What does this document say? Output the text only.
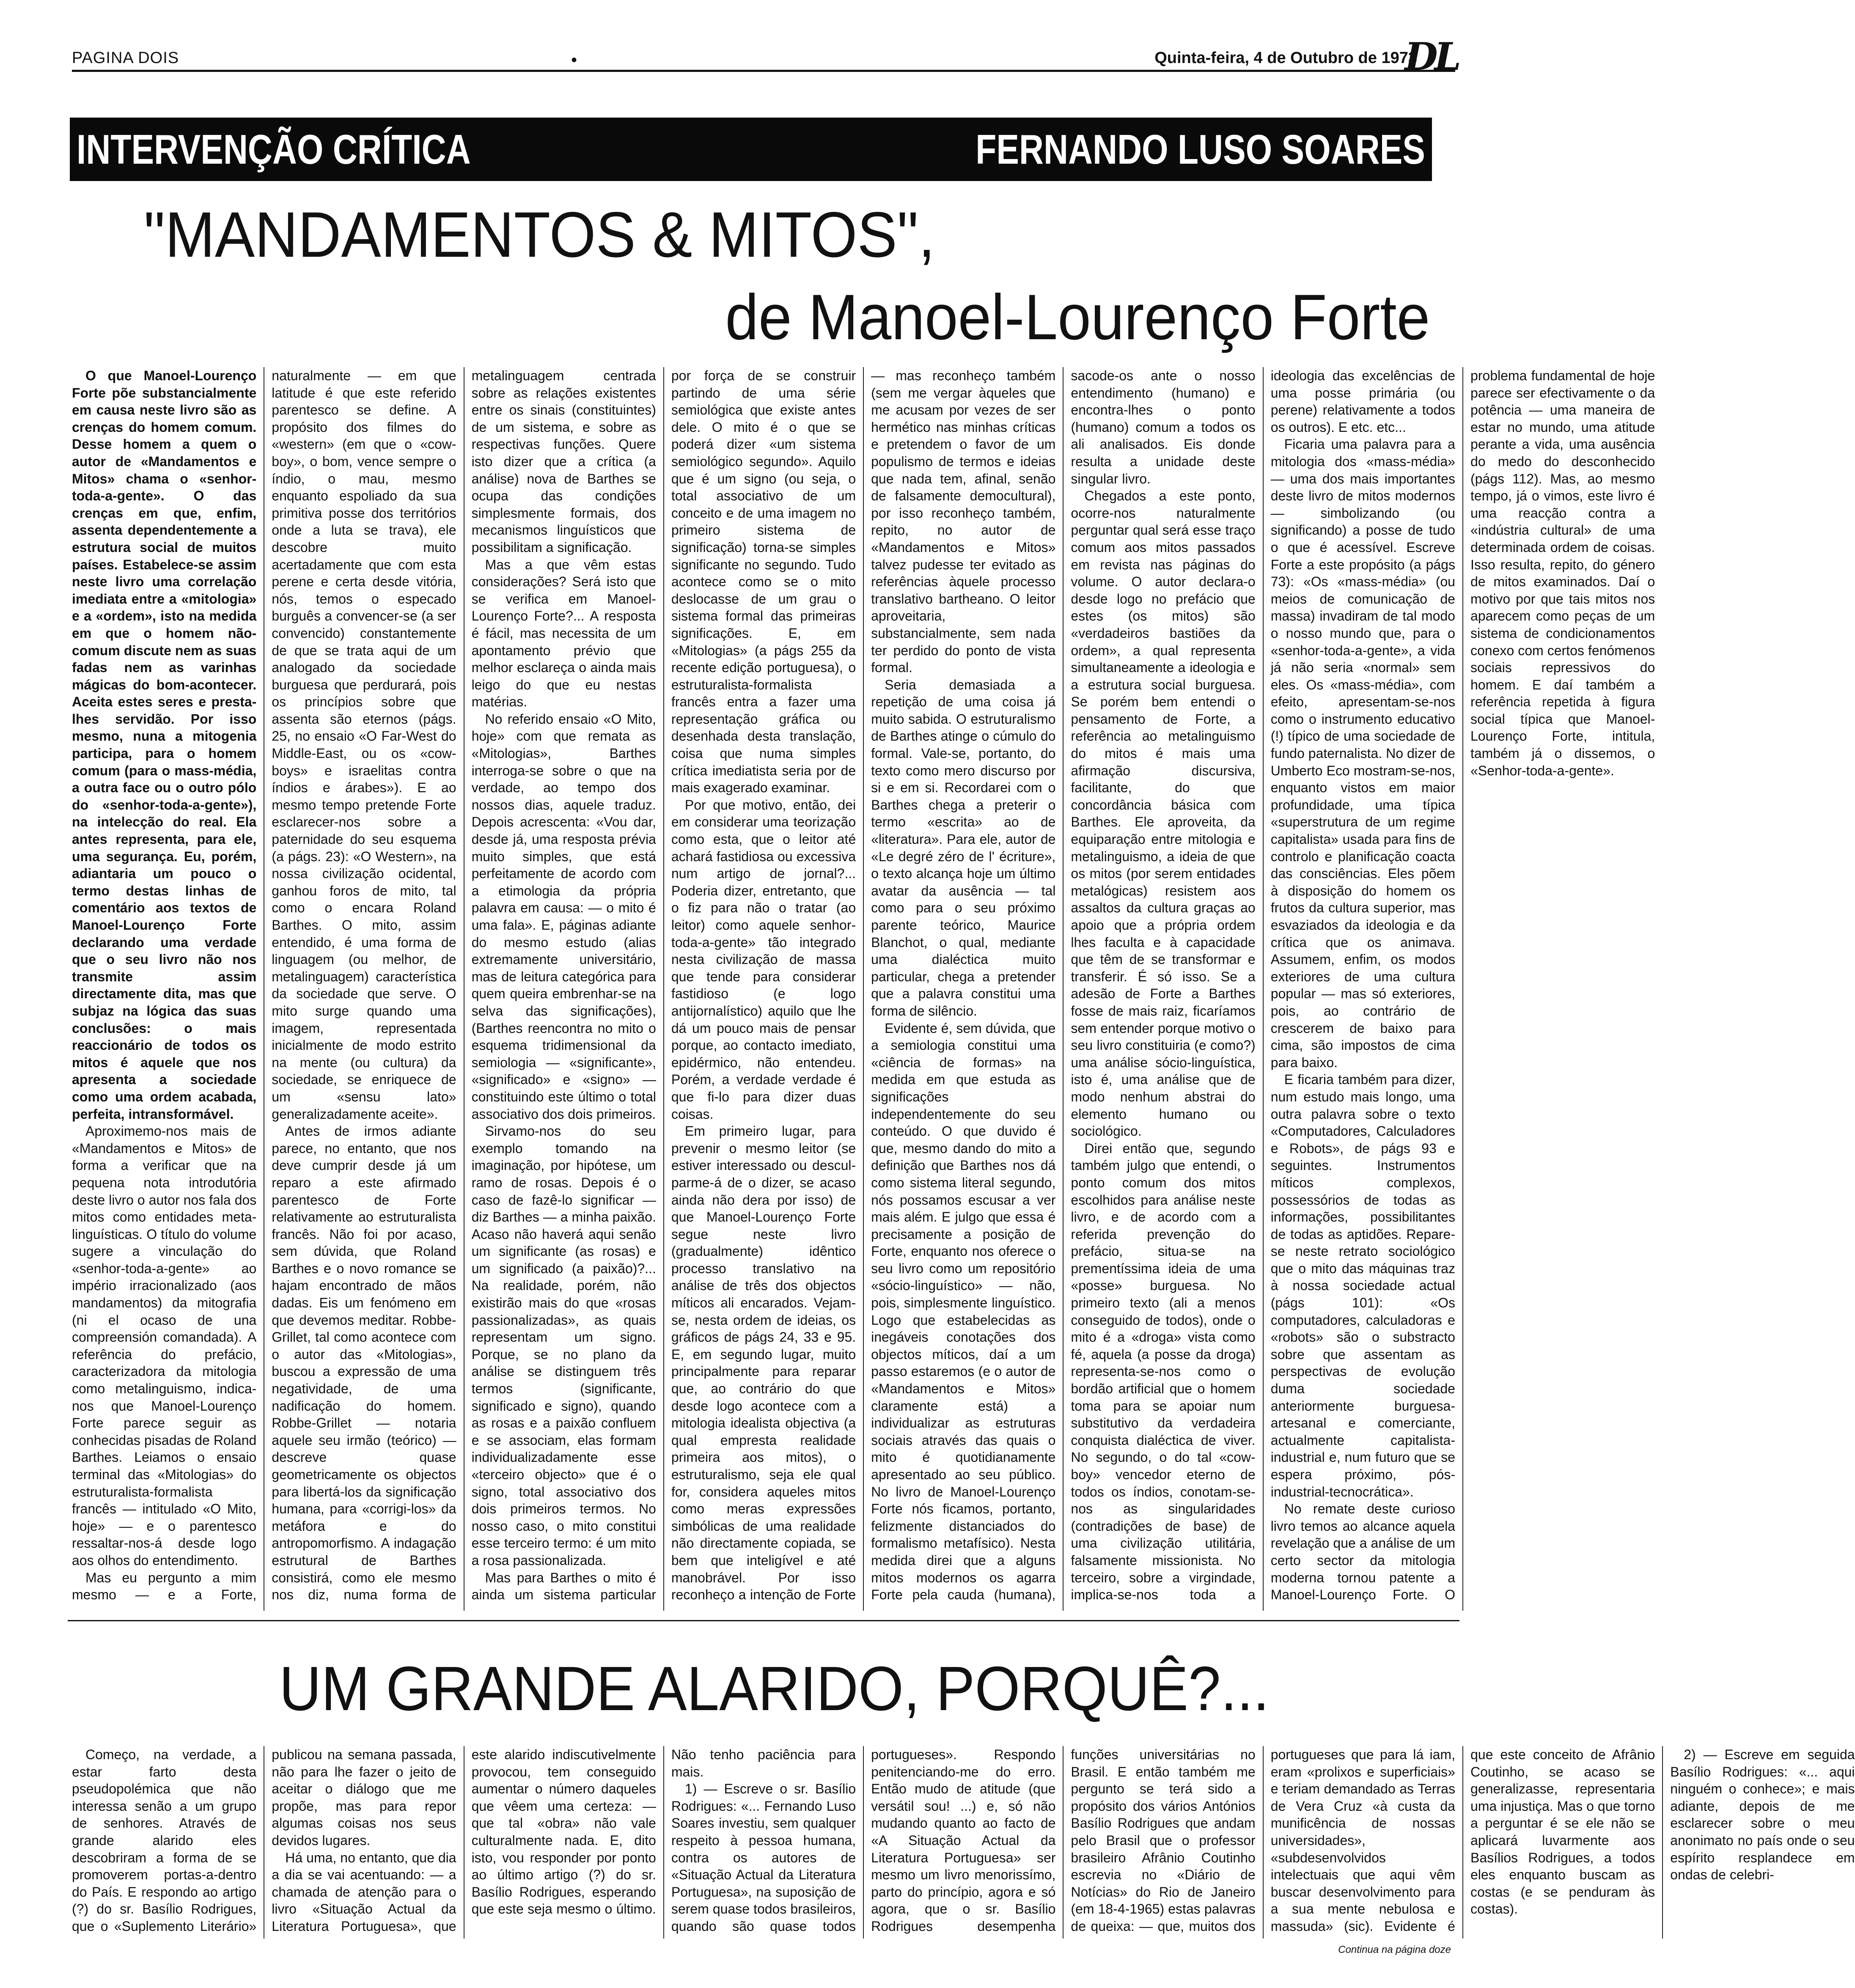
PAGINA DOIS	•	Quinta-feira, 4 de Outubro de 1973
DL
INTERVENÇÃO CRÍTICA	FERNANDO LUSO SOARES
"MANDAMENTOS & MITOS",
de Manoel-Lourenço Forte

O que Manoel-Lourenço Forte põe substancialmente em causa neste livro são as crenças do homem comum. Desse homem a quem o autor de «Mandamentos e Mitos» chama o «senhor-toda-a-gente». O das crenças em que, enfim, assenta dependentemente a estrutura social de muitos países. Estabelece-se assim neste livro uma correlação imediata entre a «mitologia» e a «ordem», isto na medida em que o homem não-comum discute nem as suas fadas nem as varinhas mágicas do bom-acontecer. Aceita estes seres e presta-lhes servidão. Por isso mesmo, nuna a mitogenia participa, para o homem comum (para o mass-média, a outra face ou o outro pólo do «senhor-toda-a-gente»), na intelecção do real. Ela antes representa, para ele, uma segurança. Eu, porém, adiantaria um pouco o termo destas linhas de comentário aos textos de Manoel-Lourenço Forte declarando uma verdade que o seu livro não nos transmite assim directamente dita, mas que subjaz na lógica das suas conclusões: o mais reaccionário de todos os mitos é aquele que nos apresenta a sociedade como uma ordem acabada, perfeita, intransformável.

Aproximemo-nos mais de «Mandamentos e Mitos» de forma a verificar que na pequena nota introdutória deste livro o autor nos fala dos mitos como entidades meta-linguísticas. O título do volume sugere a vinculação do «senhor-toda-a-gente» ao império irracionalizado (aos mandamentos) da mitografia (ni el ocaso de una compreensión comandada). A referência do prefácio, caracterizadora da mitologia como metalinguismo, indica-nos que Manoel-Lourenço Forte parece seguir as conhecidas pisadas de Roland Barthes. Leiamos o ensaio terminal das «Mitologias» do estruturalista-formalista francês — intitulado «O Mito, hoje» — e o parentesco ressaltar-nos-á desde logo aos olhos do entendimento.

Mas eu pergunto a mim mesmo — e a Forte, naturalmente — em que latitude é que este referido parentesco se define. A propósito dos filmes do «western» (em que o «cow-boy», o bom, vence sempre o índio, o mau, mesmo enquanto espoliado da sua primitiva posse dos territórios onde a luta se trava), ele descobre muito acertadamente que com esta perene e certa desde vitória, nós, temos o especado burguês a convencer-se (a ser convencido) constantemente de que se trata aqui de um analogado da sociedade burguesa que perdurará, pois os princípios sobre que assenta são eternos (págs. 25, no ensaio «O Far-West do Middle-East, ou os «cow-boys» e israelitas contra índios e árabes»). E ao mesmo tempo pretende Forte esclarecer-nos sobre a paternidade do seu esquema (a págs. 23): «O Western», na nossa civilização ocidental, ganhou foros de mito, tal como o encara Roland Barthes. O mito, assim entendido, é uma forma de linguagem (ou melhor, de metalinguagem) característica da sociedade que serve. O mito surge quando uma imagem, representada inicialmente de modo estrito na mente (ou cultura) da sociedade, se enriquece de um «sensu lato» generalizadamente aceite».

Antes de irmos adiante parece, no entanto, que nos deve cumprir desde já um reparo a este afirmado parentesco de Forte relativamente ao estruturalista francês. Não foi por acaso, sem dúvida, que Roland Barthes e o novo romance se hajam encontrado de mãos dadas. Eis um fenómeno em que devemos meditar. Robbe-Grillet, tal como acontece com o autor das «Mitologias», buscou a expressão de uma negatividade, de uma nadificação do homem. Robbe-Grillet — notaria aquele seu irmão (teórico) — descreve quase geometricamente os objectos para libertá-los da significação humana, para «corrigi-los» da metáfora e do antropomorfismo. A indagação estrutural de Barthes consistirá, como ele mesmo nos diz, numa forma de metalinguagem centrada sobre as relações existentes entre os sinais (constituintes) de um sistema, e sobre as respectivas funções. Quere isto dizer que a crítica (a análise) nova de Barthes se ocupa das condições simplesmente formais, dos mecanismos linguísticos que possibilitam a significação.

Mas a que vêm estas considerações? Será isto que se verifica em Manoel-Lourenço Forte?... A resposta é fácil, mas necessita de um apontamento prévio que melhor esclareça o ainda mais leigo do que eu nestas matérias.

No referido ensaio «O Mito, hoje» com que remata as «Mitologias», Barthes interroga-se sobre o que na verdade, ao tempo dos nossos dias, aquele traduz. Depois acrescenta: «Vou dar, desde já, uma resposta prévia muito simples, que está perfeitamente de acordo com a etimologia da própria palavra em causa: — o mito é uma fala». E, páginas adiante do mesmo estudo (alias extremamente universitário, mas de leitura categórica para quem queira embrenhar-se na selva das significações), (Barthes reencontra no mito o esquema tridimensional da semiologia — «significante», «significado» e «signo» — constituindo este último o total associativo dos dois primeiros.

Sirvamo-nos do seu exemplo tomando na imaginação, por hipótese, um ramo de rosas. Depois é o caso de fazê-lo significar — diz Barthes — a minha paixão. Acaso não haverá aqui senão um significante (as rosas) e um significado (a paixão)?... Na realidade, porém, não existirão mais do que «rosas passionalizadas», as quais representam um signo. Porque, se no plano da análise se distinguem três termos (significante, significado e signo), quando as rosas e a paixão confluem e se associam, elas formam individualizadamente esse «terceiro objecto» que é o signo, total associativo dos dois primeiros termos. No nosso caso, o mito constitui esse terceiro termo: é um mito a rosa passionalizada.

Mas para Barthes o mito é ainda um sistema particular por força de se construir partindo de uma série semiológica que existe antes dele. O mito é o que se poderá dizer «um sistema semiológico segundo». Aquilo que é um signo (ou seja, o total associativo de um conceito e de uma imagem no primeiro sistema de significação) torna-se simples significante no segundo. Tudo acontece como se o mito deslocasse de um grau o sistema formal das primeiras significações. E, em «Mitologias» (a págs 255 da recente edição portuguesa), o estruturalista-formalista francês entra a fazer uma representação gráfica ou desenhada desta translação, coisa que numa simples crítica imediatista seria por de mais exagerado examinar.

Por que motivo, então, dei em considerar uma teorização como esta, que o leitor até achará fastidiosa ou excessiva num artigo de jornal?... Poderia dizer, entretanto, que o fiz para não o tratar (ao leitor) como aquele senhor-toda-a-gente» tão integrado nesta civilização de massa que tende para considerar fastidioso (e logo antijornalístico) aquilo que lhe dá um pouco mais de pensar porque, ao contacto imediato, epidérmico, não entendeu. Porém, a verdade verdade é que fi-lo para dizer duas coisas.

Em primeiro lugar, para prevenir o mesmo leitor (se estiver interessado ou descul-parme-á de o dizer, se acaso ainda não dera por isso) de que Manoel-Lourenço Forte segue neste livro (gradualmente) idêntico processo translativo na análise de três dos objectos míticos ali encarados. Vejam-se, nesta ordem de ideias, os gráficos de págs 24, 33 e 95. E, em segundo lugar, muito principalmente para reparar que, ao contrário do que desde logo acontece com a mitologia idealista objectiva (a qual empresta realidade primeira aos mitos), o estruturalismo, seja ele qual for, considera aqueles mitos como meras expressões simbólicas de uma realidade não directamente copiada, se bem que inteligível e até manobrável. Por isso reconheço a intenção de Forte — mas reconheço também (sem me vergar àqueles que me acusam por vezes de ser hermético nas minhas críticas e pretendem o favor de um populismo de termos e ideias que nada tem, afinal, senão de falsamente democultural), por isso reconheço também, repito, no autor de «Mandamentos e Mitos» talvez pudesse ter evitado as referências àquele processo translativo bartheano. O leitor aproveitaria, substancialmente, sem nada ter perdido do ponto de vista formal.

Seria demasiada a repetição de uma coisa já muito sabida. O estruturalismo de Barthes atinge o cúmulo do formal. Vale-se, portanto, do texto como mero discurso por si e em si. Recordarei com o Barthes chega a preterir o termo «escrita» ao de «literatura». Para ele, autor de «Le degré zéro de l' écriture», o texto alcança hoje um último avatar da ausência — tal como para o seu próximo parente teórico, Maurice Blanchot, o qual, mediante uma dialéctica muito particular, chega a pretender que a palavra constitui uma forma de silêncio.

Evidente é, sem dúvida, que a semiologia constitui uma «ciência de formas» na medida em que estuda as significações independentemente do seu conteúdo. O que duvido é que, mesmo dando do mito a definição que Barthes nos dá como sistema literal segundo, nós possamos escusar a ver mais além. E julgo que essa é precisamente a posição de Forte, enquanto nos oferece o seu livro como um repositório «sócio-linguístico» — não, pois, simplesmente linguístico. Logo que estabelecidas as inegáveis conotações dos objectos míticos, daí a um passo estaremos (e o autor de «Mandamentos e Mitos» claramente está) a individualizar as estruturas sociais através das quais o mito é quotidianamente apresentado ao seu público. No livro de Manoel-Lourenço Forte nós ficamos, portanto, felizmente distanciados do formalismo metafísico). Nesta medida direi que a alguns mitos modernos os agarra Forte pela cauda (humana), sacode-os ante o nosso entendimento (humano) e encontra-lhes o ponto (humano) comum a todos os ali analisados. Eis donde resulta a unidade deste singular livro.

Chegados a este ponto, ocorre-nos naturalmente perguntar qual será esse traço comum aos mitos passados em revista nas páginas do volume. O autor declara-o desde logo no prefácio que estes (os mitos) são «verdadeiros bastiões da ordem», a qual representa simultaneamente a ideologia e a estrutura social burguesa. Se porém bem entendi o pensamento de Forte, a referência ao metalinguismo do mitos é mais uma afirmação discursiva, facilitante, do que concordância básica com Barthes. Ele aproveita, da equiparação entre mitologia e metalinguismo, a ideia de que os mitos (por serem entidades metalógicas) resistem aos assaltos da cultura graças ao apoio que a própria ordem lhes faculta e à capacidade que têm de se transformar e transferir. É só isso. Se a adesão de Forte a Barthes fosse de mais raiz, ficaríamos sem entender porque motivo o seu livro constituiria (e como?) uma análise sócio-linguística, isto é, uma análise que de modo nenhum abstrai do elemento humano ou sociológico.

Direi então que, segundo também julgo que entendi, o ponto comum dos mitos escolhidos para análise neste livro, e de acordo com a referida prevenção do prefácio, situa-se na prementíssima ideia de uma «posse» burguesa. No primeiro texto (ali a menos conseguido de todos), onde o mito é a «droga» vista como fé, aquela (a posse da droga) representa-se-nos como o bordão artificial que o homem toma para se apoiar num substitutivo da verdadeira conquista dialéctica de viver. No segundo, o do tal «cow-boy» vencedor eterno de todos os índios, conotam-se-nos as singularidades (contradições de base) de uma civilização utilitária, falsamente missionista. No terceiro, sobre a virgindade, implica-se-nos toda a ideologia das excelências de uma posse primária (ou perene) relativamente a todos os outros). E etc. etc...

Ficaria uma palavra para a mitologia dos «mass-média» — uma dos mais importantes deste livro de mitos modernos — simbolizando (ou significando) a posse de tudo o que é acessível. Escreve Forte a este propósito (a págs 73): «Os «mass-média» (ou meios de comunicação de massa) invadiram de tal modo o nosso mundo que, para o «senhor-toda-a-gente», a vida já não seria «normal» sem eles. Os «mass-média», com efeito, apresentam-se-nos como o instrumento educativo (!) típico de uma sociedade de fundo paternalista. No dizer de Umberto Eco mostram-se-nos, enquanto vistos em maior profundidade, uma típica «superstrutura de um regime capitalista» usada para fins de controlo e planificação coacta das consciências. Eles põem à disposição do homem os frutos da cultura superior, mas esvaziados da ideologia e da crítica que os animava. Assumem, enfim, os modos exteriores de uma cultura popular — mas só exteriores, pois, ao contrário de crescerem de baixo para cima, são impostos de cima para baixo.

E ficaria também para dizer, num estudo mais longo, uma outra palavra sobre o texto «Computadores, Calculadores e Robots», de págs 93 e seguintes. Instrumentos míticos complexos, possessórios de todas as informações, possibilitantes de todas as aptidões. Repare-se neste retrato sociológico que o mito das máquinas traz à nossa sociedade actual (págs 101): «Os computadores, calculadoras e «robots» são o substracto sobre que assentam as perspectivas de evolução duma sociedade anteriormente burguesa-artesanal e comerciante, actualmente capitalista-industrial e, num futuro que se espera próximo, pós-industrial-tecnocrática».

No remate deste curioso livro temos ao alcance aquela revelação que a análise de um certo sector da mitologia moderna tornou patente a Manoel-Lourenço Forte. O problema fundamental de hoje parece ser efectivamente o da potência — uma maneira de estar no mundo, uma atitude perante a vida, uma ausência do medo do desconhecido (págs 112). Mas, ao mesmo tempo, já o vimos, este livro é uma reacção contra a «indústria cultural» de uma determinada ordem de coisas. Isso resulta, repito, do género de mitos examinados. Daí o motivo por que tais mitos nos aparecem como peças de um sistema de condicionamentos conexo com certos fenómenos sociais repressivos do homem. E daí também a referência repetida à figura social típica que Manoel-Lourenço Forte, intitula, também já o dissemos, o «Senhor-toda-a-gente».

UM GRANDE ALARIDO, PORQUÊ?...

Começo, na verdade, a estar farto desta pseudopolémica que não interessa senão a um grupo de senhores. Através de grande alarido eles descobriram a forma de se promoverem portas-a-dentro do País. E respondo ao artigo (?) do sr. Basílio Rodrigues, que o «Suplemento Literário» publicou na semana passada, não para lhe fazer o jeito de aceitar o diálogo que me propõe, mas para repor algumas coisas nos seus devidos lugares.

Há uma, no entanto, que dia a dia se vai acentuando: — a chamada de atenção para o livro «Situação Actual da Literatura Portuguesa», que este alarido indiscutivelmente provocou, tem conseguido aumentar o número daqueles que vêem uma certeza: — que tal «obra» não vale culturalmente nada. E, dito isto, vou responder por ponto ao último artigo (?) do sr. Basílio Rodrigues, esperando que este seja mesmo o último. Não tenho paciência para mais.

1) — Escreve o sr. Basílio Rodrigues: «... Fernando Luso Soares investiu, sem qualquer respeito à pessoa humana, contra os autores de «Situação Actual da Literatura Portuguesa», na suposição de serem quase todos brasileiros, quando são quase todos portugueses». Respondo penitenciando-me do erro. Então mudo de atitude (que versátil sou! ...) e, só não mudando quanto ao facto de «A Situação Actual da Literatura Portuguesa» ser mesmo um livro menorissímo, parto do princípio, agora e só agora, que o sr. Basílio Rodrigues desempenha funções universitárias no Brasil. E então também me pergunto se terá sido a propósito dos vários Antónios Basílio Rodrigues que andam pelo Brasil que o professor brasileiro Afrânio Coutinho escrevia no «Diário de Notícias» do Rio de Janeiro (em 18-4-1965) estas palavras de queixa: — que, muitos dos portugueses que para lá iam, eram «prolixos e superficiais» e teriam demandado as Terras de Vera Cruz «à custa da munificência de nossas universidades», «subdesenvolvidos intelectuais que aqui vêm buscar desenvolvimento para a sua mente nebulosa e massuda» (sic). Evidente é que este conceito de Afrânio Coutinho, se acaso se generalizasse, representaria uma injustiça. Mas o que torno a perguntar é se ele não se aplicará luvarmente aos Basílios Rodrigues, a todos eles enquanto buscam as costas (e se penduram às costas).

2) — Escreve em seguida Basílio Rodrigues: «... aqui ninguém o conhece»; e mais adiante, depois de me esclarecer sobre o meu anonimato no país onde o seu espírito resplandece em ondas de celebri-

Continua na página doze
